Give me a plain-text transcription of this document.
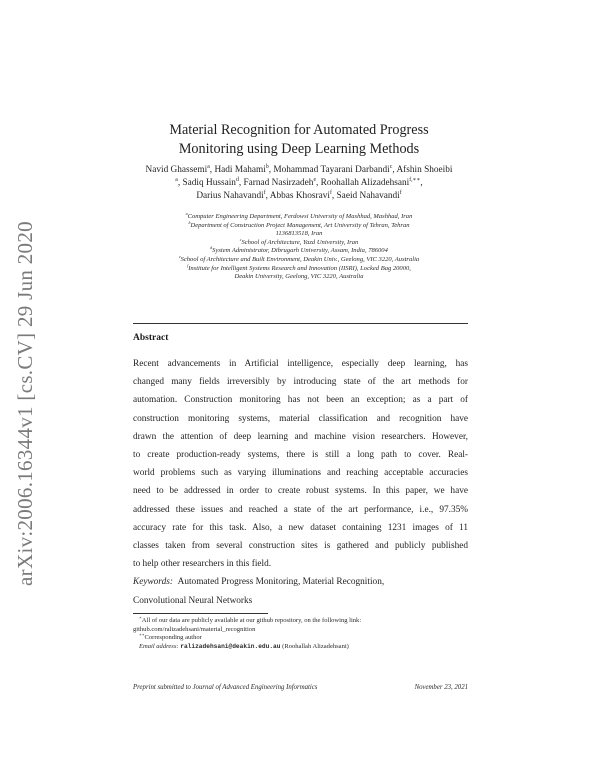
arXiv:2006.16344v1 [cs.CV] 29 Jun 2020
Material Recognition for Automated Progress
Monitoring using Deep Learning Methods
Navid Ghassemi$^a$, Hadi Mahami$^b$, Mohammad Tayarani Darbandi$^c$, Afshin Shoeibi
$^a$, Sadiq Hussain$^d$, Farnad Nasirzadeh$^e$, Roohallah Alizadehsani$^{f,∗∗}$,
Darius Nahavandi$^f$, Abbas Khosravi$^f$, Saeid Nahavandi$^f$
$^a$Computer Engineering Department, Ferdowsi University of Mashhad, Mashhad, Iran
$^b$Department of Construction Project Management, Art University of Tehran, Tehran
1136813518, Iran
$^c$School of Architecture, Yazd University, Iran
$^d$System Administrator, Dibrugarh University, Assam, India, 786004
$^e$School of Architecture and Built Environment, Deakin Univ., Geelong, VIC 3220, Australia
$^f$Institute for Intelligent Systems Research and Innovation (IISRI), Locked Bag 20000,
Deakin University, Geelong, VIC 3220, Australia
Abstract
Recent advancements in Artificial intelligence, especially deep learning, has
changed many fields irreversibly by introducing state of the art methods for
automation. Construction monitoring has not been an exception; as a part of
construction monitoring systems, material classification and recognition have
drawn the attention of deep learning and machine vision researchers. However,
to create production-ready systems, there is still a long path to cover. Real-
world problems such as varying illuminations and reaching acceptable accuracies
need to be addressed in order to create robust systems. In this paper, we have
addressed these issues and reached a state of the art performance, i.e., 97.35%
accuracy rate for this task. Also, a new dataset containing 1231 images of 11
classes taken from several construction sites is gathered and publicly published
to help other researchers in this field.
Keywords: Automated Progress Monitoring, Material Recognition,
Convolutional Neural Networks
∗All of our data are publicly available at our github repository, on the following link:
github.com/ralizadehsani/material_recognition
∗∗Corresponding author
Email address: ralizadehsani@deakin.edu.au (Roohallah Alizadehsani)
Preprint submitted to Journal of Advanced Engineering Informatics	November 23, 2021
